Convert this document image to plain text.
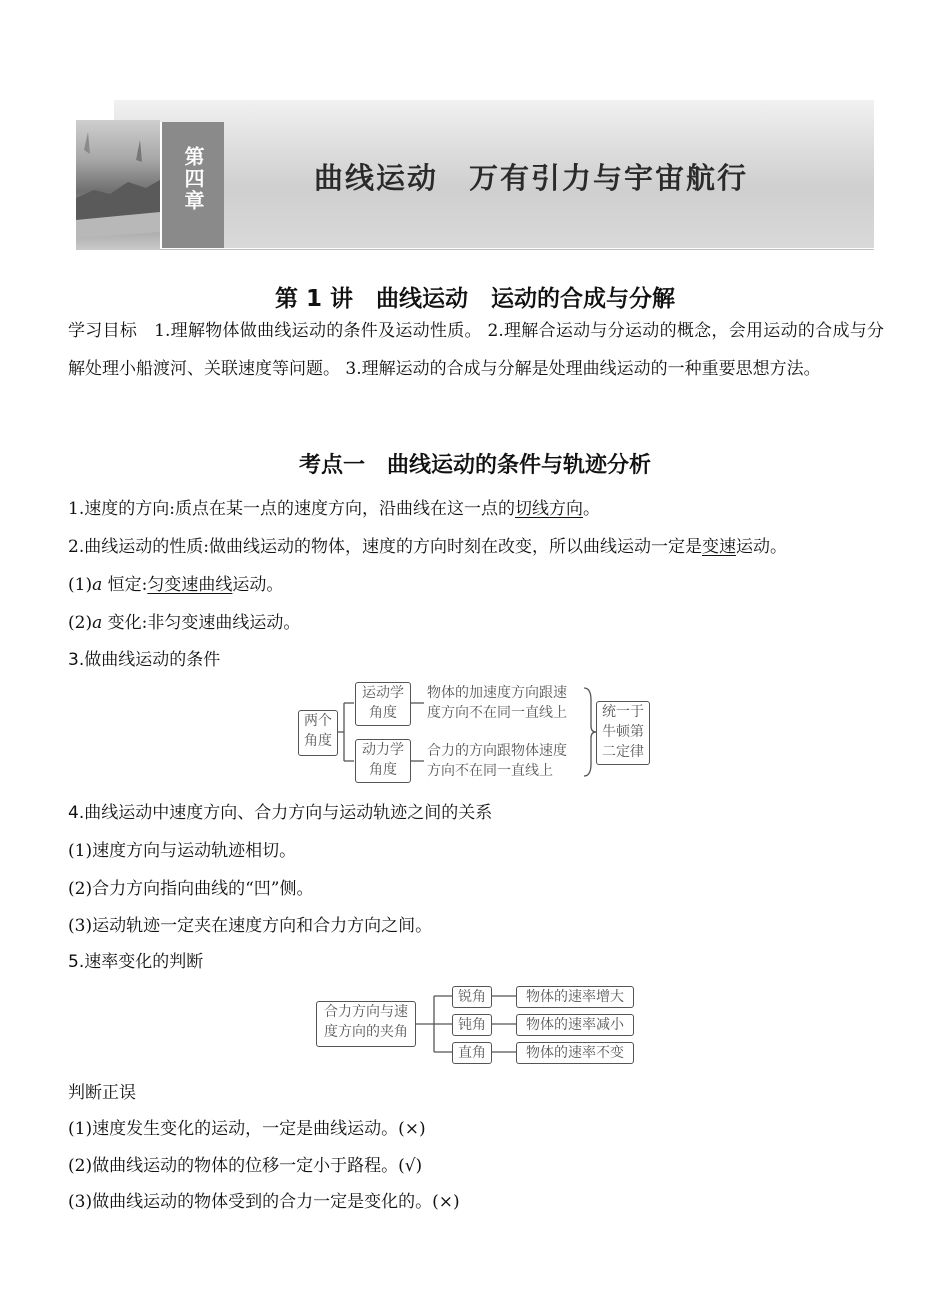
第四章	曲线运动　万有引力与宇宙航行
第 1 讲　曲线运动　运动的合成与分解
学习目标  1.理解物体做曲线运动的条件及运动性质。 2.理解合运动与分运动的概念，会用运动的合成与分解处理小船渡河、关联速度等问题。 3.理解运动的合成与分解是处理曲线运动的一种重要思想方法。
考点一　曲线运动的条件与轨迹分析
1.速度的方向:质点在某一点的速度方向，沿曲线在这一点的切线方向。
2.曲线运动的性质:做曲线运动的物体，速度的方向时刻在改变，所以曲线运动一定是变速运动。
(1)a 恒定:匀变速曲线运动。
(2)a 变化:非匀变速曲线运动。
3.做曲线运动的条件
两个
角度
运动学
角度
物体的加速度方向跟速
度方向不在同一直线上
动力学
角度
合力的方向跟物体速度
方向不在同一直线上
统一于
牛顿第
二定律
4.曲线运动中速度方向、合力方向与运动轨迹之间的关系
(1)速度方向与运动轨迹相切。
(2)合力方向指向曲线的“凹”侧。
(3)运动轨迹一定夹在速度方向和合力方向之间。
5.速率变化的判断
合力方向与速
度方向的夹角
锐角	物体的速率增大
钝角	物体的速率减小
直角	物体的速率不变
判断正误
(1)速度发生变化的运动，一定是曲线运动。(×)
(2)做曲线运动的物体的位移一定小于路程。(√)
(3)做曲线运动的物体受到的合力一定是变化的。(×)
